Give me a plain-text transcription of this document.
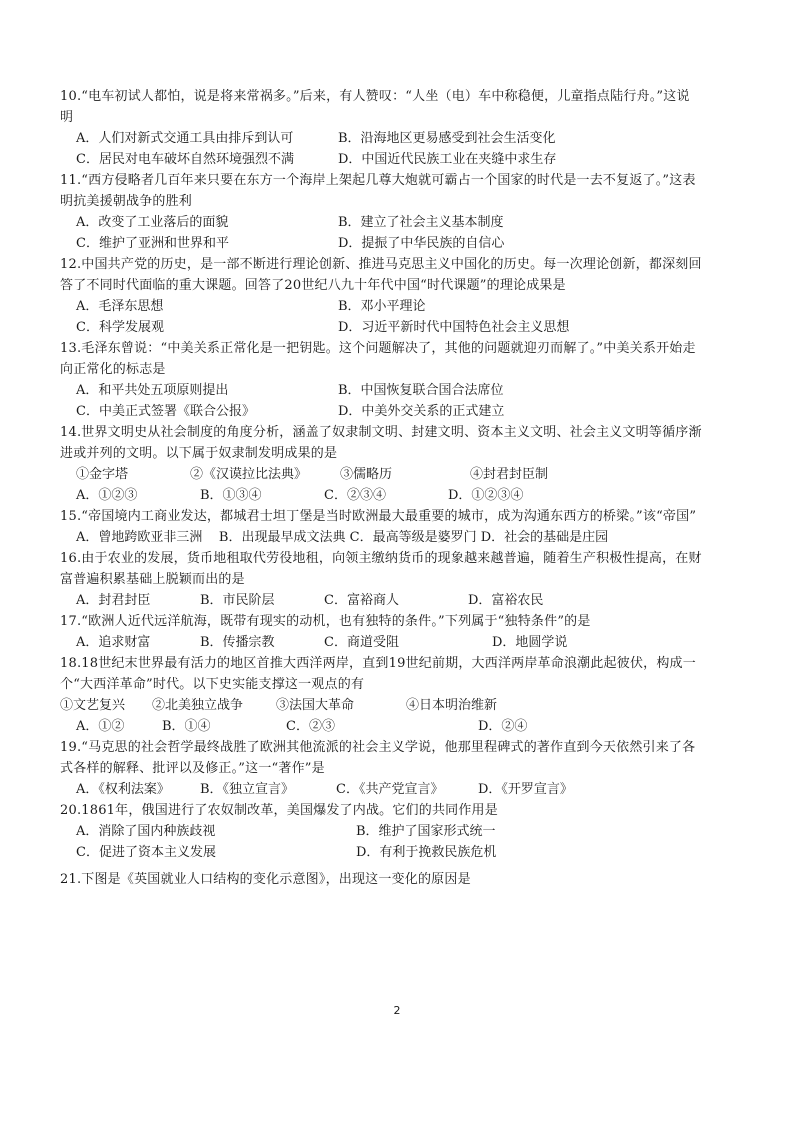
10.“电车初试人都怕，说是将来常祸多。”后来，有人赞叹：“人坐（电）车中称稳便，儿童指点陆行舟。”这说明

A．人们对新式交通工具由排斥到认可	B．沿海地区更易感受到社会生活变化
C．居民对电车破坏自然环境强烈不满	D．中国近代民族工业在夹缝中求生存

11.“西方侵略者几百年来只要在东方一个海岸上架起几尊大炮就可霸占一个国家的时代是一去不复返了。”这表明抗美援朝战争的胜利

A．改变了工业落后的面貌	B．建立了社会主义基本制度
C．维护了亚洲和世界和平	D．提振了中华民族的自信心

12.中国共产党的历史，是一部不断进行理论创新、推进马克思主义中国化的历史。每一次理论创新，都深刻回答了不同时代面临的重大课题。回答了20世纪八九十年代中国“时代课题”的理论成果是

A．毛泽东思想	B．邓小平理论
C．科学发展观	D．习近平新时代中国特色社会主义思想

13.毛泽东曾说：“中美关系正常化是一把钥匙。这个问题解决了，其他的问题就迎刃而解了。”中美关系开始走向正常化的标志是

A．和平共处五项原则提出	B．中国恢复联合国合法席位
C．中美正式签署《联合公报》	D．中美外交关系的正式建立

14.世界文明史从社会制度的角度分析，涵盖了奴隶制文明、封建文明、资本主义文明、社会主义文明等循序渐进或并列的文明。以下属于奴隶制发明成果的是

①金字塔	②《汉谟拉比法典》	③儒略历	④封君封臣制
A．①②③	B．①③④	C．②③④	D．①②③④

15.“帝国境内工商业发达，都城君士坦丁堡是当时欧洲最大最重要的城市，成为沟通东西方的桥梁。”该“帝国”

A．曾地跨欧亚非三洲 B．出现最早成文法典 C．最高等级是婆罗门 D．社会的基础是庄园

16.由于农业的发展，货币地租取代劳役地租，向领主缴纳货币的现象越来越普遍，随着生产积极性提高，在财富普遍积累基础上脱颖而出的是

A．封君封臣	B．市民阶层	C．富裕商人	D．富裕农民

17.“欧洲人近代远洋航海，既带有现实的动机，也有独特的条件。”下列属于“独特条件”的是

A．追求财富	B．传播宗教	C．商道受阻	D．地圆学说

18.18世纪末世界最有活力的地区首推大西洋两岸，直到19世纪前期，大西洋两岸革命浪潮此起彼伏，构成一个“大西洋革命”时代。以下史实能支撑这一观点的有

①文艺复兴	②北美独立战争	③法国大革命	④日本明治维新
A．①②	B．①④	C．②③	D．②④

19.“马克思的社会哲学最终战胜了欧洲其他流派的社会主义学说，他那里程碑式的著作直到今天依然引来了各式各样的解释、批评以及修正。”这一“著作”是

A．《权利法案》	B．《独立宣言》	C．《共产党宣言》	D．《开罗宣言》

20.1861年，俄国进行了农奴制改革，美国爆发了内战。它们的共同作用是

A．消除了国内种族歧视	B．维护了国家形式统一
C．促进了资本主义发展	D．有利于挽救民族危机

21.下图是《英国就业人口结构的变化示意图》，出现这一变化的原因是

2
